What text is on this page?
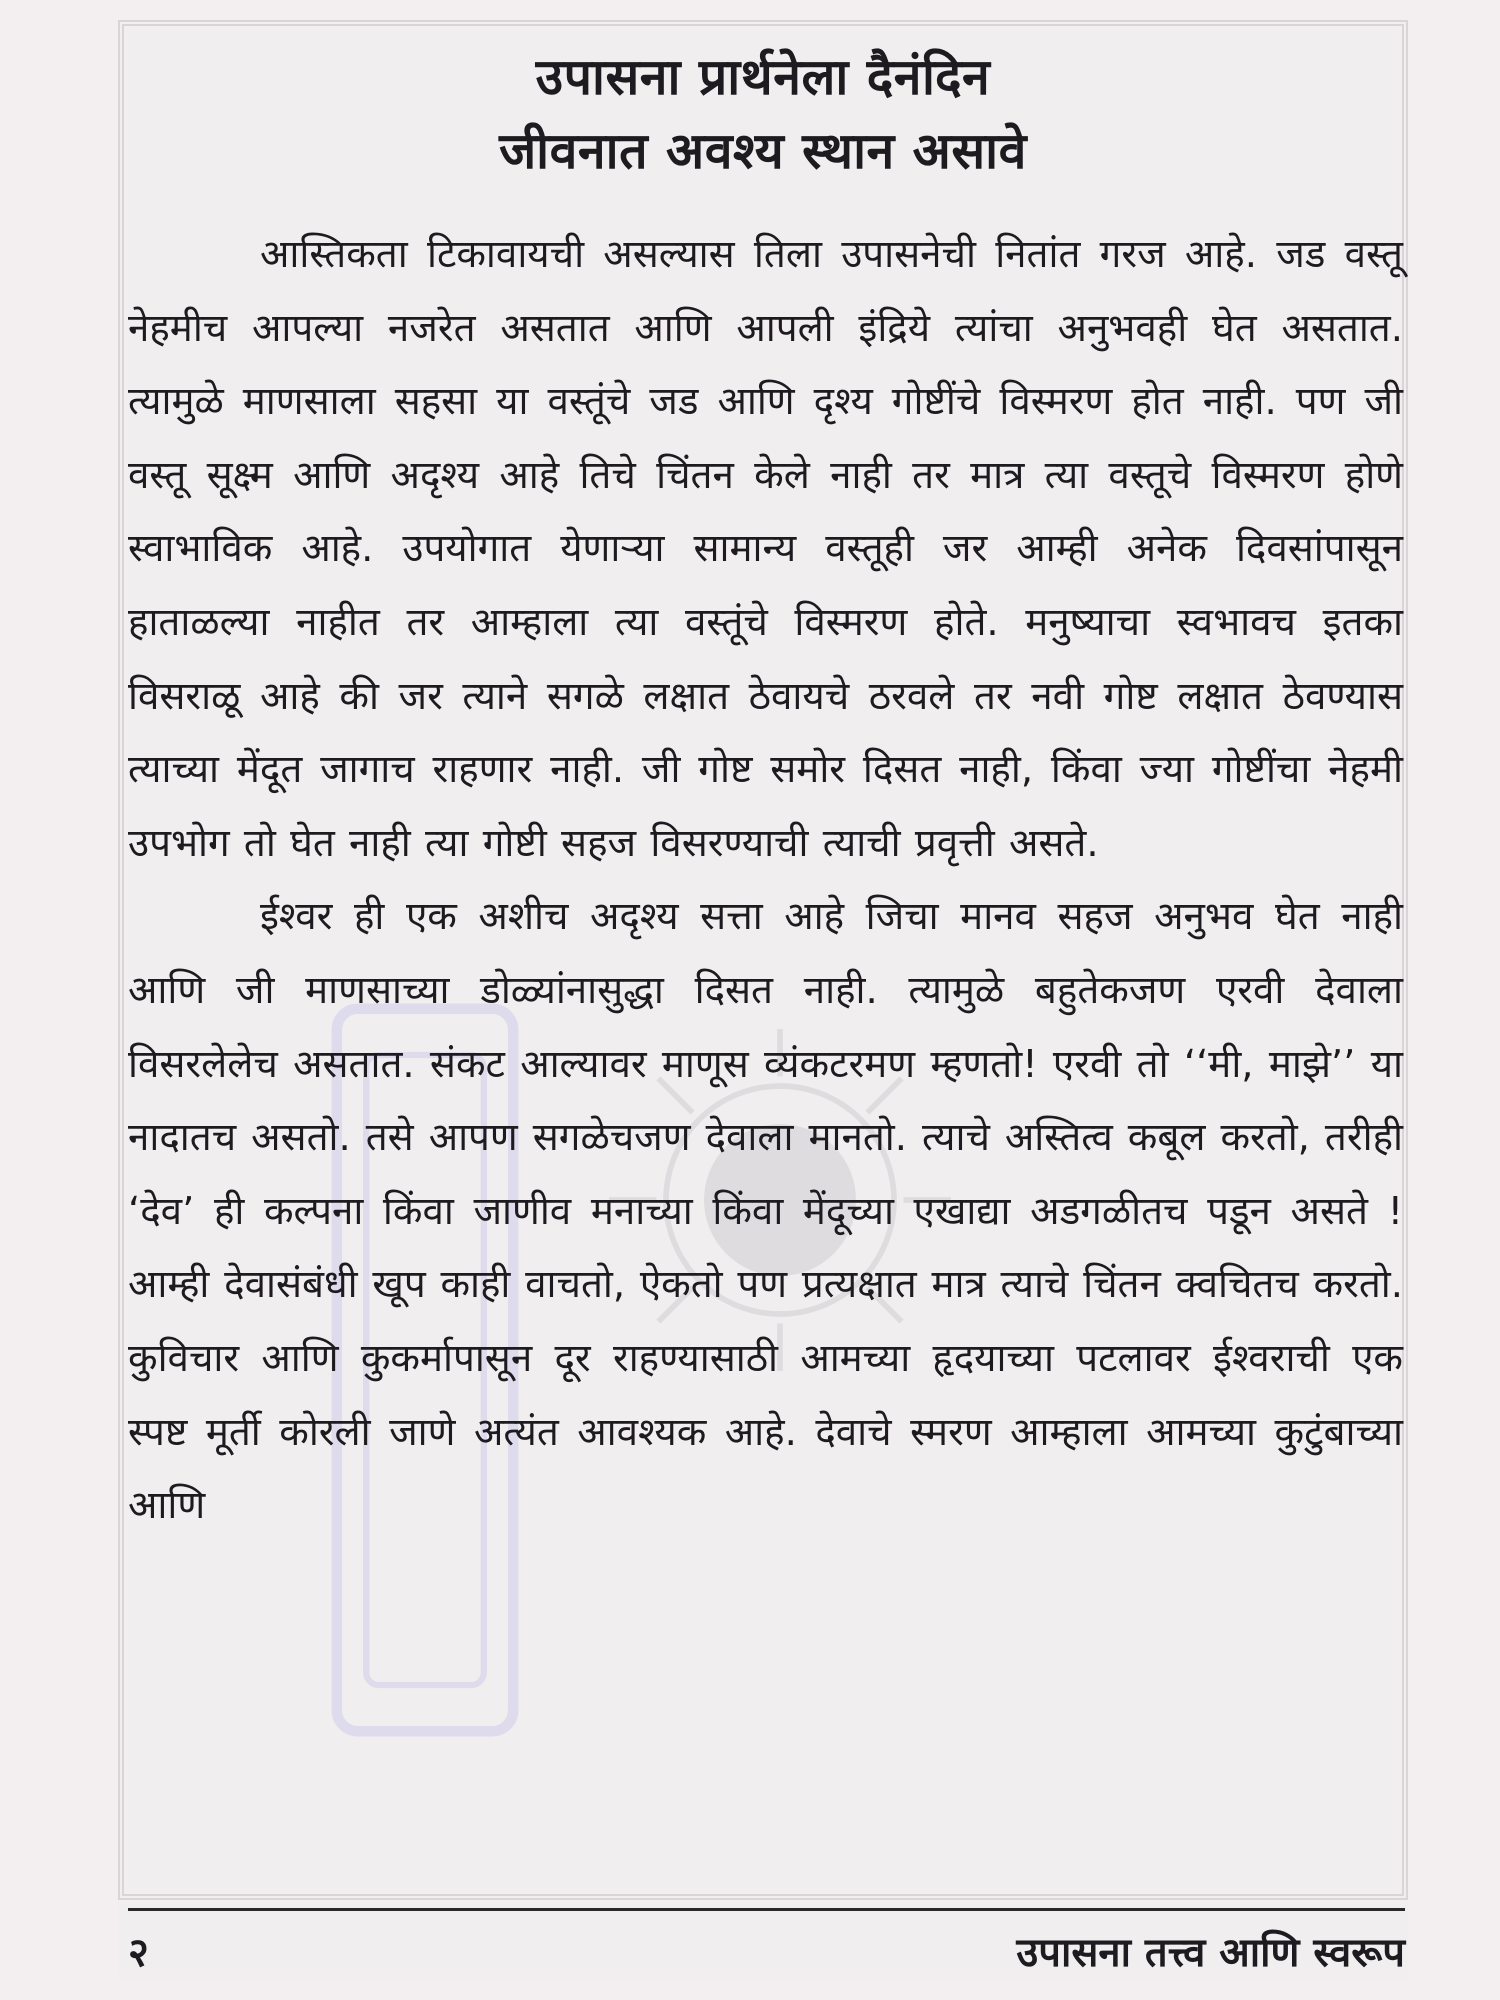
उपासना प्रार्थनेला दैनंदिन
जीवनात अवश्य स्थान असावे

आस्तिकता टिकावायची असल्यास तिला उपासनेची नितांत गरज आहे. जड वस्तू नेहमीच आपल्या नजरेत असतात आणि आपली इंद्रिये त्यांचा अनुभवही घेत असतात. त्यामुळे माणसाला सहसा या वस्तूंचे जड आणि दृश्य गोष्टींचे विस्मरण होत नाही. पण जी वस्तू सूक्ष्म आणि अदृश्य आहे तिचे चिंतन केले नाही तर मात्र त्या वस्तूचे विस्मरण होणे स्वाभाविक आहे. उपयोगात येणाऱ्या सामान्य वस्तूही जर आम्ही अनेक दिवसांपासून हाताळल्या नाहीत तर आम्हाला त्या वस्तूंचे विस्मरण होते. मनुष्याचा स्वभावच इतका विसराळू आहे की जर त्याने सगळे लक्षात ठेवायचे ठरवले तर नवी गोष्ट लक्षात ठेवण्यास त्याच्या मेंदूत जागाच राहणार नाही. जी गोष्ट समोर दिसत नाही, किंवा ज्या गोष्टींचा नेहमी उपभोग तो घेत नाही त्या गोष्टी सहज विसरण्याची त्याची प्रवृत्ती असते.

ईश्वर ही एक अशीच अदृश्य सत्ता आहे जिचा मानव सहज अनुभव घेत नाही आणि जी माणसाच्या डोळ्यांनासुद्धा दिसत नाही. त्यामुळे बहुतेकजण एरवी देवाला विसरलेलेच असतात. संकट आल्यावर माणूस व्यंकटरमण म्हणतो! एरवी तो ‘‘मी, माझे’’ या नादातच असतो. तसे आपण सगळेचजण देवाला मानतो. त्याचे अस्तित्व कबूल करतो, तरीही ‘देव’ ही कल्पना किंवा जाणीव मनाच्या किंवा मेंदूच्या एखाद्या अडगळीतच पडून असते ! आम्ही देवासंबंधी खूप काही वाचतो, ऐकतो पण प्रत्यक्षात मात्र त्याचे चिंतन क्वचितच करतो. कुविचार आणि कुकर्मापासून दूर राहण्यासाठी आमच्या हृदयाच्या पटलावर ईश्वराची एक स्पष्ट मूर्ती कोरली जाणे अत्यंत आवश्यक आहे. देवाचे स्मरण आम्हाला आमच्या कुटुंबाच्या आणि

२	उपासना तत्त्व आणि स्वरूप
